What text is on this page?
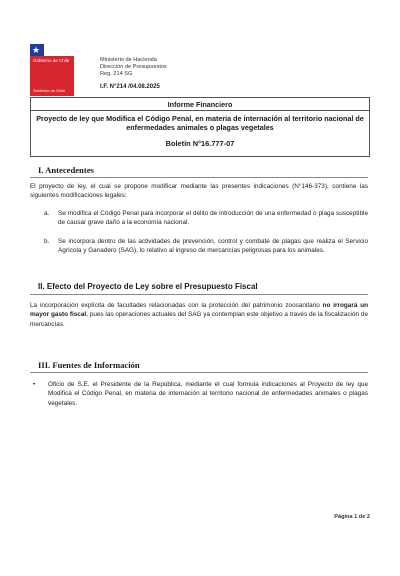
★
Gobierno de Chile
Gobierno de Chile
Ministerio de Hacienda
Dirección de Presupuestos
Reg. 214 SG
I.F. N°214 /04.08.2025
Informe Financiero
Proyecto de ley que Modifica el Código Penal, en materia de internación al territorio nacional de enfermedades animales o plagas vegetales
Boletín N°16.777-07
I. Antecedentes
El proyecto de ley, el cual se propone modificar mediante las presentes indicaciones (N°146-373), contiene las siguientes modificaciones legales:
a. Se modifica el Código Penal para incorporar el delito de introducción de una enfermedad o plaga susceptible de causar grave daño a la economía nacional.
b. Se incorpora dentro de las actividades de prevención, control y combate de plagas que realiza el Servicio Agrícola y Ganadero (SAG), lo relativo al ingreso de mercancías peligrosas para los animales.
II. Efecto del Proyecto de Ley sobre el Presupuesto Fiscal
La incorporación explícita de facultades relacionadas con la protección del patrimonio zoosanitario no irrogará un mayor gasto fiscal, pues las operaciones actuales del SAG ya contemplan este objetivo a través de la fiscalización de mercancías.
III. Fuentes de Información
• Oficio de S.E. el Presidente de la República, mediante el cual formula indicaciones al Proyecto de ley que Modifica el Código Penal, en materia de internación al territorio nacional de enfermedades animales o plagas vegetales.
Página 1 de 2
